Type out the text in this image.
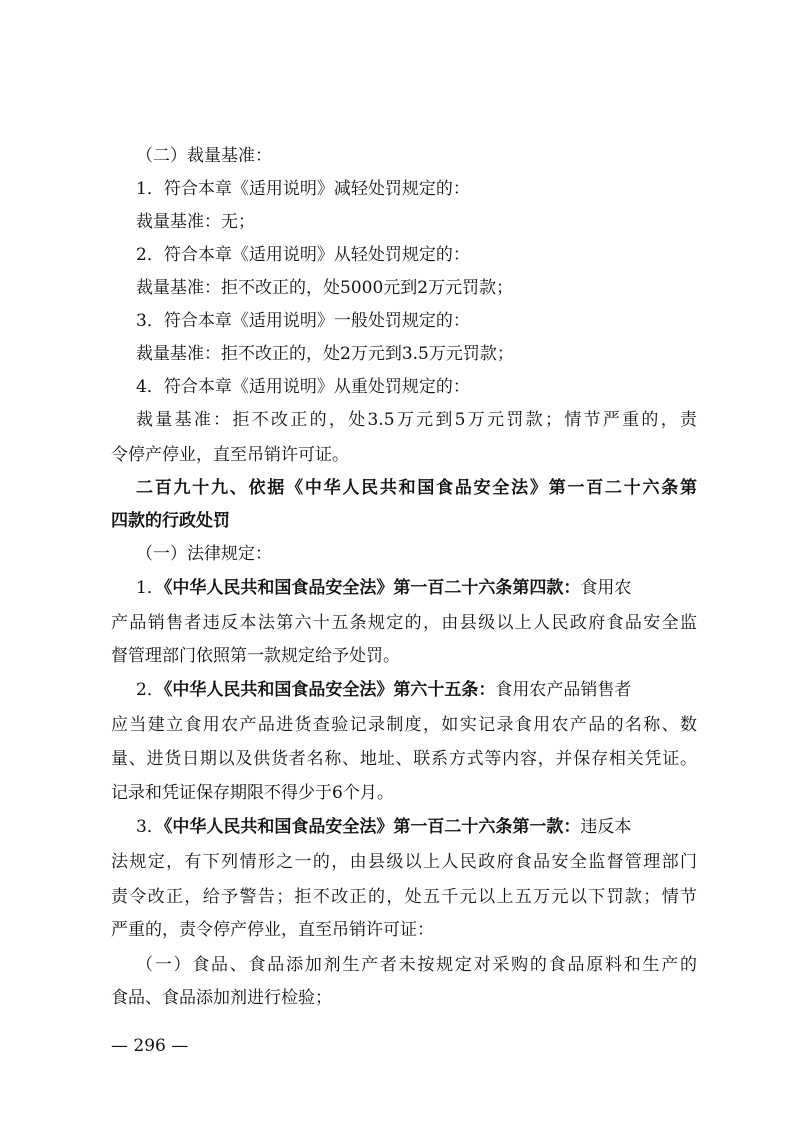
（二）裁量基准：
1．符合本章《适用说明》减轻处罚规定的：
裁量基准：无；
2．符合本章《适用说明》从轻处罚规定的：
裁量基准：拒不改正的，处5000元到2万元罚款；
3．符合本章《适用说明》一般处罚规定的：
裁量基准：拒不改正的，处2万元到3.5万元罚款；
4．符合本章《适用说明》从重处罚规定的：
裁量基准：拒不改正的，处3.5万元到5万元罚款；情节严重的，责
令停产停业，直至吊销许可证。
二百九十九、依据《中华人民共和国食品安全法》第一百二十六条第
四款的行政处罚
（一）法律规定：
1．《中华人民共和国食品安全法》第一百二十六条第四款：食用农
产品销售者违反本法第六十五条规定的，由县级以上人民政府食品安全监
督管理部门依照第一款规定给予处罚。
2．《中华人民共和国食品安全法》第六十五条：食用农产品销售者
应当建立食用农产品进货查验记录制度，如实记录食用农产品的名称、数
量、进货日期以及供货者名称、地址、联系方式等内容，并保存相关凭证。
记录和凭证保存期限不得少于6个月。
3．《中华人民共和国食品安全法》第一百二十六条第一款：违反本
法规定，有下列情形之一的，由县级以上人民政府食品安全监督管理部门
责令改正，给予警告；拒不改正的，处五千元以上五万元以下罚款；情节
严重的，责令停产停业，直至吊销许可证：
（一）食品、食品添加剂生产者未按规定对采购的食品原料和生产的
食品、食品添加剂进行检验；
— 296 —
